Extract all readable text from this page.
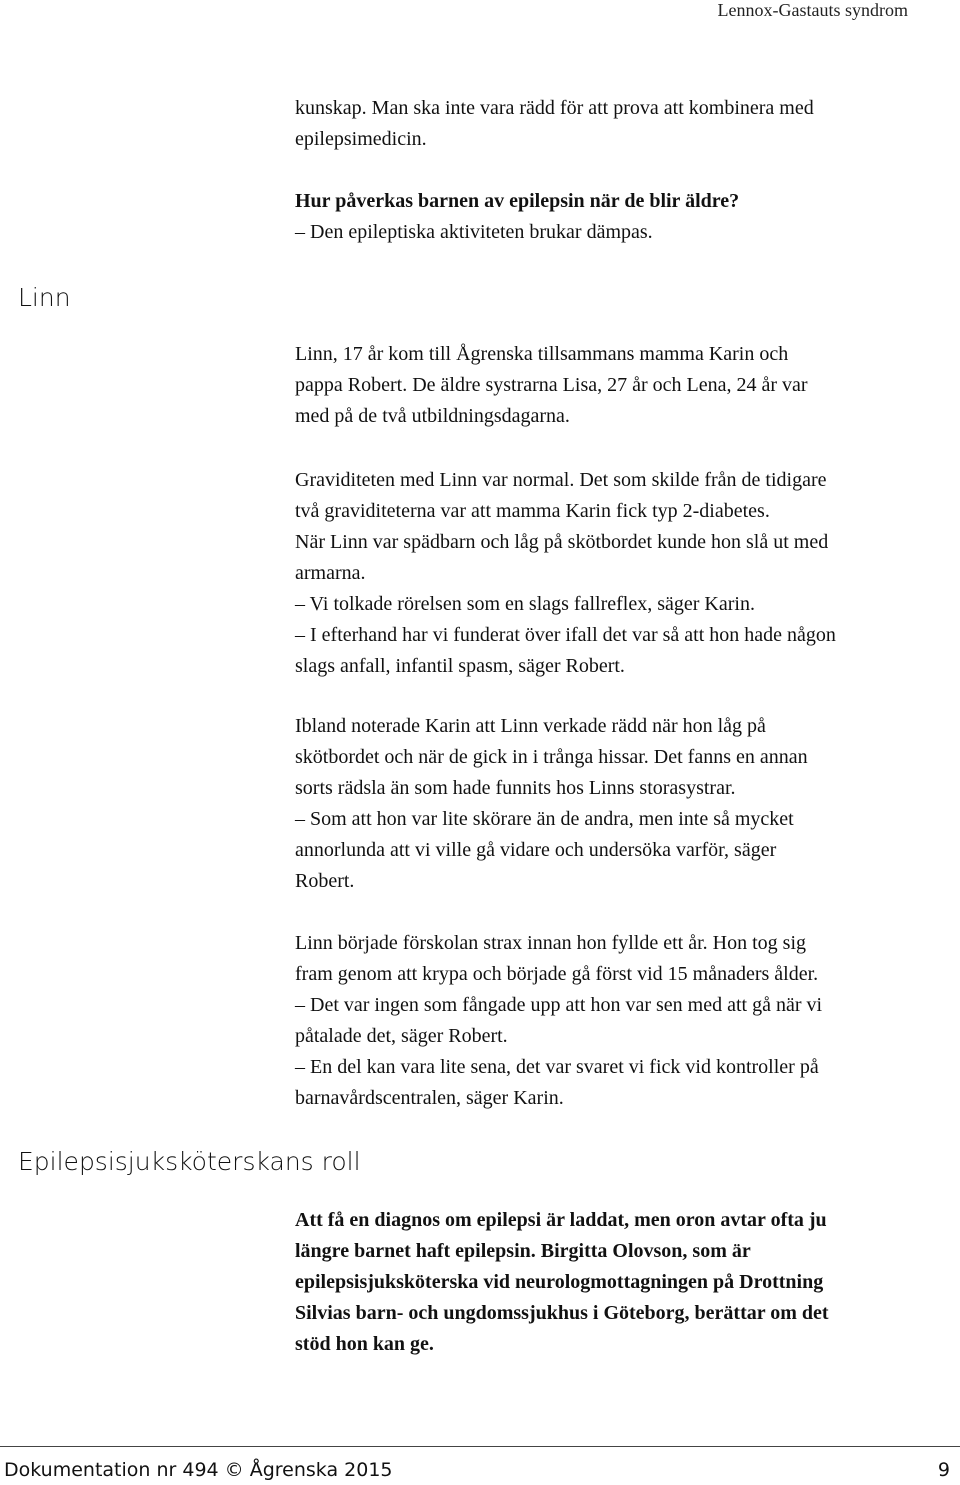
Lennox-Gastauts syndrom

kunskap. Man ska inte vara rädd för att prova att kombinera med

epilepsimedicin.

Hur påverkas barnen av epilepsin när de blir äldre?

– Den epileptiska aktiviteten brukar dämpas.

Linn

Linn, 17 år kom till Ågrenska tillsammans mamma Karin och

pappa Robert. De äldre systrarna Lisa, 27 år och Lena, 24 år var

med på de två utbildningsdagarna.

Graviditeten med Linn var normal. Det som skilde från de tidigare

två graviditeterna var att mamma Karin fick typ 2-diabetes.

När Linn var spädbarn och låg på skötbordet kunde hon slå ut med

armarna.

– Vi tolkade rörelsen som en slags fallreflex, säger Karin.

– I efterhand har vi funderat över ifall det var så att hon hade någon

slags anfall, infantil spasm, säger Robert.

Ibland noterade Karin att Linn verkade rädd när hon låg på

skötbordet och när de gick in i trånga hissar. Det fanns en annan

sorts rädsla än som hade funnits hos Linns storasystrar.

– Som att hon var lite skörare än de andra, men inte så mycket

annorlunda att vi ville gå vidare och undersöka varför, säger

Robert.

Linn började förskolan strax innan hon fyllde ett år. Hon tog sig

fram genom att krypa och började gå först vid 15 månaders ålder.

– Det var ingen som fångade upp att hon var sen med att gå när vi

påtalade det, säger Robert.

– En del kan vara lite sena, det var svaret vi fick vid kontroller på

barnavårdscentralen, säger Karin.

Epilepsisjuksköterskans roll

Att få en diagnos om epilepsi är laddat, men oron avtar ofta ju

längre barnet haft epilepsin. Birgitta Olovson, som är

epilepsisjuksköterska vid neurologmottagningen på Drottning

Silvias barn- och ungdomssjukhus i Göteborg, berättar om det

stöd hon kan ge.

Dokumentation nr 494 © Ågrenska 2015	9
